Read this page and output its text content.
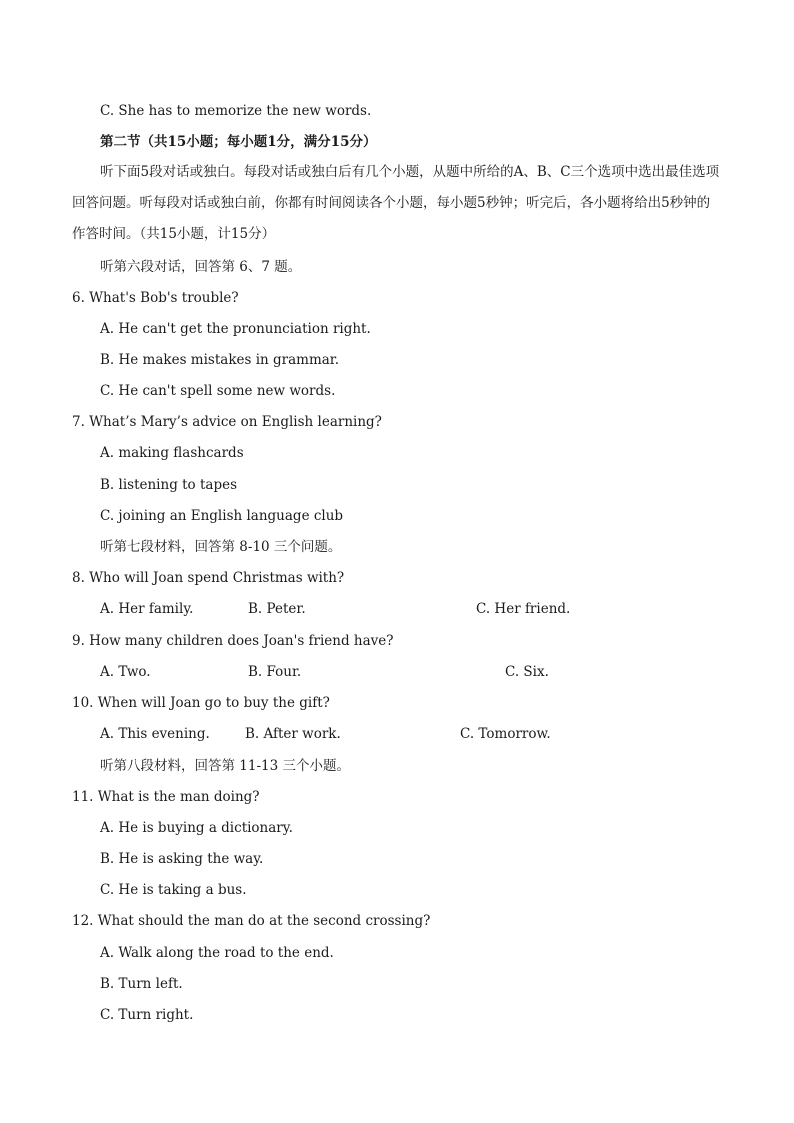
C. She has to memorize the new words.
第二节（共15小题；每小题1分，满分15分）
听下面5段对话或独白。每段对话或独白后有几个小题，从题中所给的A、B、C三个选项中选出最佳选项回答问题。听每段对话或独白前，你都有时间阅读各个小题，每小题5秒钟；听完后，各小题将给出5秒钟的作答时间。（共15小题，计15分）
听第六段对话，回答第 6、7 题。
6. What's Bob's trouble?
A. He can't get the pronunciation right.
B. He makes mistakes in grammar.
C. He can't spell some new words.
7. What’s Mary’s advice on English learning?
A. making flashcards
B. listening to tapes
C. joining an English language club
听第七段材料，回答第 8-10 三个问题。
8. Who will Joan spend Christmas with?
A. Her family.	B. Peter.	C. Her friend.
9. How many children does Joan's friend have?
A. Two.	B. Four.	C. Six.
10. When will Joan go to buy the gift?
A. This evening.	B. After work.	C. Tomorrow.
听第八段材料，回答第 11-13 三个小题。
11. What is the man doing?
A. He is buying a dictionary.
B. He is asking the way.
C. He is taking a bus.
12. What should the man do at the second crossing?
A. Walk along the road to the end.
B. Turn left.
C. Turn right.
